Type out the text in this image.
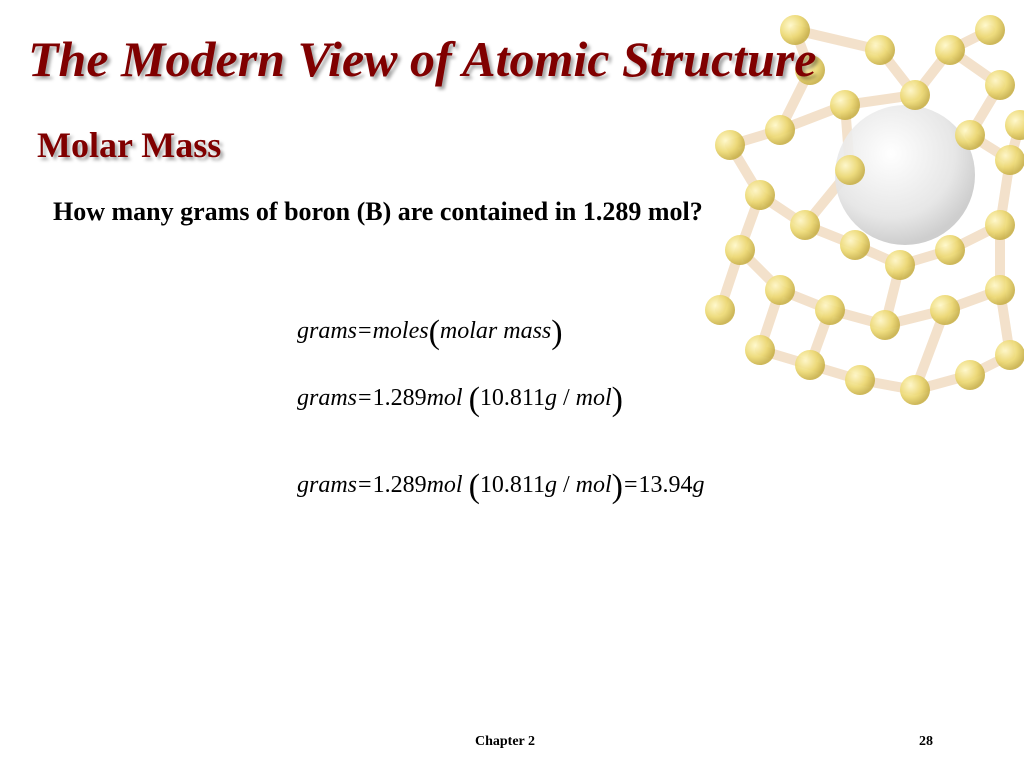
The Modern View of Atomic Structure
Molar Mass

How many grams of boron (B) are contained in 1.289 mol?

grams=moles(molar mass)
grams=1.289mol (10.811g / mol)
grams=1.289mol (10.811g / mol)=13.94g
Chapter 2	28
